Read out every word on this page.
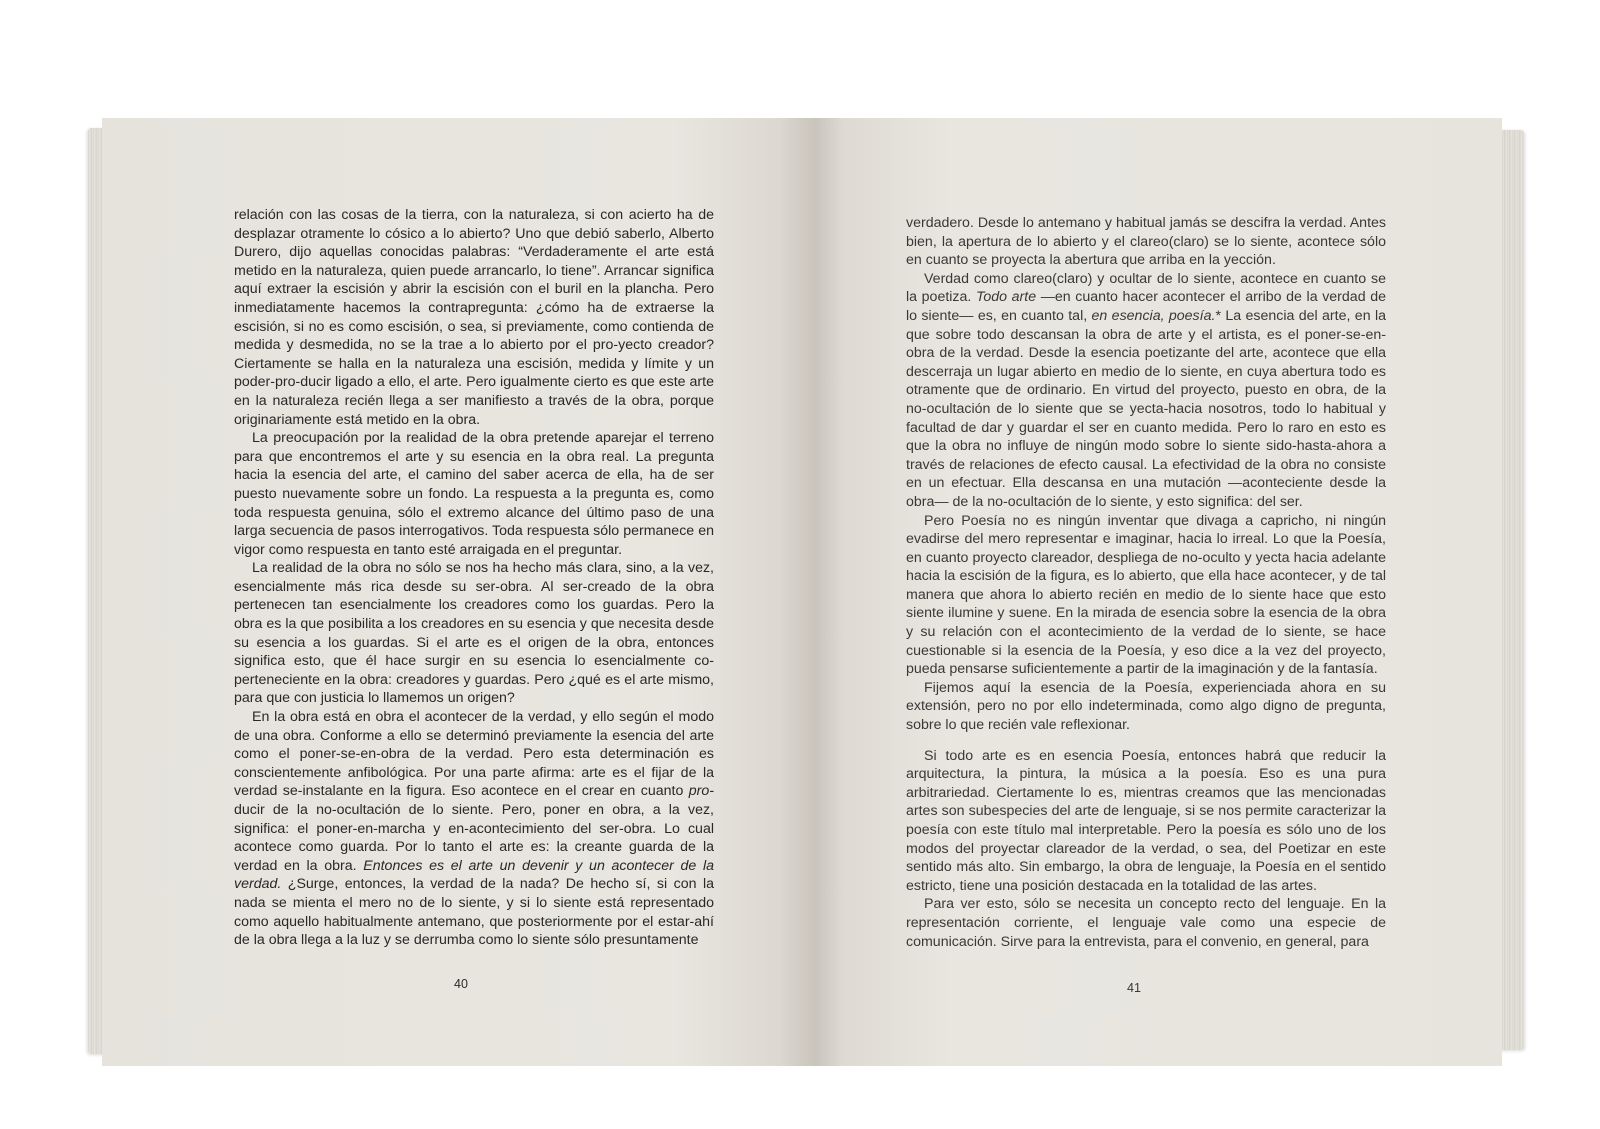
relación con las cosas de la tierra, con la naturaleza, si con acierto ha de desplazar otramente lo cósico a lo abierto? Uno que debió saberlo, Alberto Durero, dijo aquellas conocidas palabras: “Verdaderamente el arte está metido en la naturaleza, quien puede arrancarlo, lo tiene”. Arrancar significa aquí extraer la escisión y abrir la escisión con el buril en la plancha. Pero inmediatamente hacemos la contrapregunta: ¿cómo ha de extraerse la escisión, si no es como escisión, o sea, si previamente, como contienda de medida y desmedida, no se la trae a lo abierto por el pro-yecto creador? Ciertamente se halla en la naturaleza una escisión, medida y límite y un poder-pro-ducir ligado a ello, el arte. Pero igualmente cierto es que este arte en la naturaleza recién llega a ser manifiesto a través de la obra, porque originariamente está metido en la obra.

La preocupación por la realidad de la obra pretende aparejar el terreno para que encontremos el arte y su esencia en la obra real. La pregunta hacia la esencia del arte, el camino del saber acerca de ella, ha de ser puesto nuevamente sobre un fondo. La respuesta a la pregunta es, como toda respuesta genuina, sólo el extremo alcance del último paso de una larga secuencia de pasos interrogativos. Toda respuesta sólo permanece en vigor como respuesta en tanto esté arraigada en el preguntar.

La realidad de la obra no sólo se nos ha hecho más clara, sino, a la vez, esencialmente más rica desde su ser-obra. Al ser-creado de la obra pertenecen tan esencialmente los creadores como los guardas. Pero la obra es la que posibilita a los creadores en su esencia y que necesita desde su esencia a los guardas. Si el arte es el origen de la obra, entonces significa esto, que él hace surgir en su esencia lo esencialmente co-perteneciente en la obra: creadores y guardas. Pero ¿qué es el arte mismo, para que con justicia lo llamemos un origen?

En la obra está en obra el acontecer de la verdad, y ello según el modo de una obra. Conforme a ello se determinó previamente la esencia del arte como el poner-se-en-obra de la verdad. Pero esta determinación es conscientemente anfibológica. Por una parte afirma: arte es el fijar de la verdad se-instalante en la figura. Eso acontece en el crear en cuanto pro-ducir de la no-ocultación de lo siente. Pero, poner en obra, a la vez, significa: el poner-en-marcha y en-acontecimiento del ser-obra. Lo cual acontece como guarda. Por lo tanto el arte es: la creante guarda de la verdad en la obra. Entonces es el arte un devenir y un acontecer de la verdad. ¿Surge, entonces, la verdad de la nada? De hecho sí, si con la nada se mienta el mero no de lo siente, y si lo siente está representado como aquello habitualmente antemano, que posteriormente por el estar-ahí de la obra llega a la luz y se derrumba como lo siente sólo presuntamente

40

verdadero. Desde lo antemano y habitual jamás se descifra la verdad. Antes bien, la apertura de lo abierto y el clareo(claro) se lo siente, acontece sólo en cuanto se proyecta la abertura que arriba en la yección.

Verdad como clareo(claro) y ocultar de lo siente, acontece en cuanto se la poetiza. Todo arte —en cuanto hacer acontecer el arribo de la verdad de lo siente— es, en cuanto tal, en esencia, poesía.* La esencia del arte, en la que sobre todo descansan la obra de arte y el artista, es el poner-se-en-obra de la verdad. Desde la esencia poetizante del arte, acontece que ella descerraja un lugar abierto en medio de lo siente, en cuya abertura todo es otramente que de ordinario. En virtud del proyecto, puesto en obra, de la no-ocultación de lo siente que se yecta-hacia nosotros, todo lo habitual y facultad de dar y guardar el ser en cuanto medida. Pero lo raro en esto es que la obra no influye de ningún modo sobre lo siente sido-hasta-ahora a través de relaciones de efecto causal. La efectividad de la obra no consiste en un efectuar. Ella descansa en una mutación —aconteciente desde la obra— de la no-ocultación de lo siente, y esto significa: del ser.

Pero Poesía no es ningún inventar que divaga a capricho, ni ningún evadirse del mero representar e imaginar, hacia lo irreal. Lo que la Poesía, en cuanto proyecto clareador, despliega de no-oculto y yecta hacia adelante hacia la escisión de la figura, es lo abierto, que ella hace acontecer, y de tal manera que ahora lo abierto recién en medio de lo siente hace que esto siente ilumine y suene. En la mirada de esencia sobre la esencia de la obra y su relación con el acontecimiento de la verdad de lo siente, se hace cuestionable si la esencia de la Poesía, y eso dice a la vez del proyecto, pueda pensarse suficientemente a partir de la imaginación y de la fantasía.

Fijemos aquí la esencia de la Poesía, experienciada ahora en su extensión, pero no por ello indeterminada, como algo digno de pregunta, sobre lo que recién vale reflexionar.

Si todo arte es en esencia Poesía, entonces habrá que reducir la arquitectura, la pintura, la música a la poesía. Eso es una pura arbitrariedad. Ciertamente lo es, mientras creamos que las mencionadas artes son subespecies del arte de lenguaje, si se nos permite caracterizar la poesía con este título mal interpretable. Pero la poesía es sólo uno de los modos del proyectar clareador de la verdad, o sea, del Poetizar en este sentido más alto. Sin embargo, la obra de lenguaje, la Poesía en el sentido estricto, tiene una posición destacada en la totalidad de las artes.

Para ver esto, sólo se necesita un concepto recto del lenguaje. En la representación corriente, el lenguaje vale como una especie de comunicación. Sirve para la entrevista, para el convenio, en general, para

41
